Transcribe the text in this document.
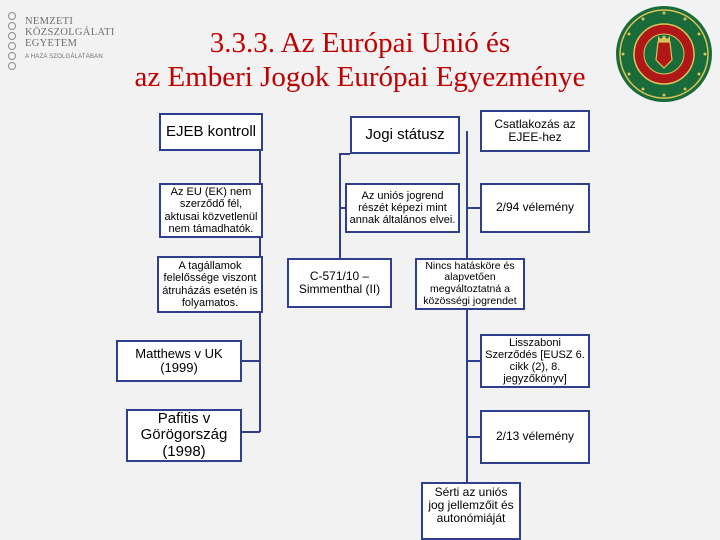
NEMZETI
KÖZSZOLGÁLATI
EGYETEM
A HAZA SZOLGÁLATÁBAN	3.3.3. Az Európai Unió és
az Emberi Jogok Európai Egyezménye
EJEB kontroll
Az EU (EK) nem szerződő fél, aktusai közvetlenül nem támadhatók.
A tagállamok felelőssége viszont átruházás esetén is folyamatos.
Matthews v UK (1999)
Pafitis v Görögország (1998)
Jogi státusz
Az uniós jogrend részét képezi mint annak általános elvei.
C-571/10 – Simmenthal (II)
Csatlakozás az EJEE-hez
2/94 vélemény
Nincs hatásköre és alapvetően megváltoztatná a közösségi jogrendet
Lisszaboni Szerződés [EUSZ 6. cikk (2), 8. jegyzőkönyv]
2/13 vélemény
Sérti az uniós jog jellemzőit és autonómiáját
